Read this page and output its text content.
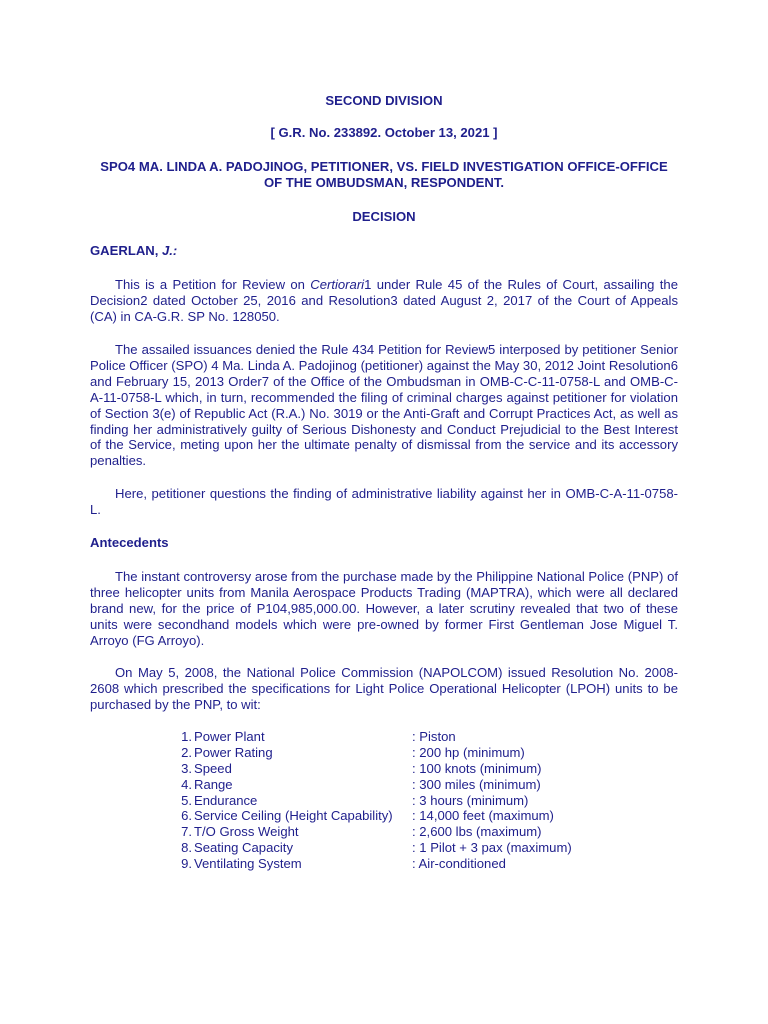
SECOND DIVISION
[ G.R. No. 233892. October 13, 2021 ]
SPO4 MA. LINDA A. PADOJINOG, PETITIONER, VS. FIELD INVESTIGATION OFFICE-OFFICE OF THE OMBUDSMAN, RESPONDENT.
DECISION
GAERLAN, J.:
This is a Petition for Review on Certiorari1 under Rule 45 of the Rules of Court, assailing the Decision2 dated October 25, 2016 and Resolution3 dated August 2, 2017 of the Court of Appeals (CA) in CA-G.R. SP No. 128050.
The assailed issuances denied the Rule 434 Petition for Review5 interposed by petitioner Senior Police Officer (SPO) 4 Ma. Linda A. Padojinog (petitioner) against the May 30, 2012 Joint Resolution6 and February 15, 2013 Order7 of the Office of the Ombudsman in OMB-C-C-11-0758-L and OMB-C-A-11-0758-L which, in turn, recommended the filing of criminal charges against petitioner for violation of Section 3(e) of Republic Act (R.A.) No. 3019 or the Anti-Graft and Corrupt Practices Act, as well as finding her administratively guilty of Serious Dishonesty and Conduct Prejudicial to the Best Interest of the Service, meting upon her the ultimate penalty of dismissal from the service and its accessory penalties.
Here, petitioner questions the finding of administrative liability against her in OMB-C-A-11-0758-L.
Antecedents
The instant controversy arose from the purchase made by the Philippine National Police (PNP) of three helicopter units from Manila Aerospace Products Trading (MAPTRA), which were all declared brand new, for the price of P104,985,000.00. However, a later scrutiny revealed that two of these units were secondhand models which were pre-owned by former First Gentleman Jose Miguel T. Arroyo (FG Arroyo).
On May 5, 2008, the National Police Commission (NAPOLCOM) issued Resolution No. 2008-2608 which prescribed the specifications for Light Police Operational Helicopter (LPOH) units to be purchased by the PNP, to wit:
1. Power Plant	: Piston
2. Power Rating	: 200 hp (minimum)
3. Speed	: 100 knots (minimum)
4. Range	: 300 miles (minimum)
5. Endurance	: 3 hours (minimum)
6. Service Ceiling (Height Capability)	: 14,000 feet (maximum)
7. T/O Gross Weight	: 2,600 lbs (maximum)
8. Seating Capacity	: 1 Pilot + 3 pax (maximum)
9. Ventilating System	: Air-conditioned
